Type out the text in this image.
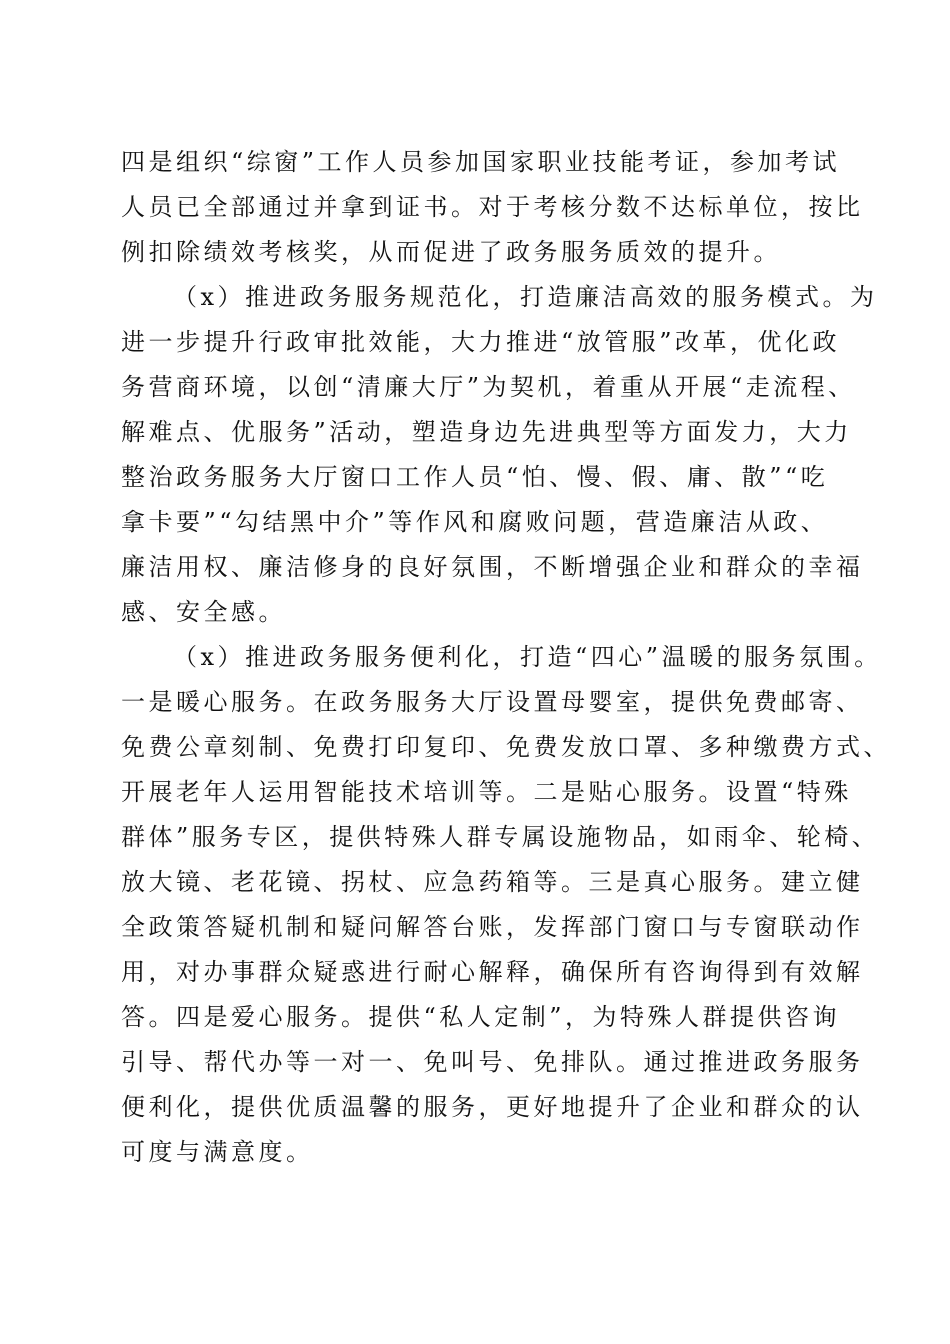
四是组织“综窗”工作人员参加国家职业技能考证，参加考试
人员已全部通过并拿到证书。对于考核分数不达标单位，按比
例扣除绩效考核奖，从而促进了政务服务质效的提升。
（x）推进政务服务规范化，打造廉洁高效的服务模式。为
进一步提升行政审批效能，大力推进“放管服”改革，优化政
务营商环境，以创“清廉大厅”为契机，着重从开展“走流程、
解难点、优服务”活动，塑造身边先进典型等方面发力，大力
整治政务服务大厅窗口工作人员“怕、慢、假、庸、散”“吃
拿卡要”“勾结黑中介”等作风和腐败问题，营造廉洁从政、
廉洁用权、廉洁修身的良好氛围，不断增强企业和群众的幸福
感、安全感。
（x）推进政务服务便利化，打造“四心”温暖的服务氛围。
一是暖心服务。在政务服务大厅设置母婴室，提供免费邮寄、
免费公章刻制、免费打印复印、免费发放口罩、多种缴费方式、
开展老年人运用智能技术培训等。二是贴心服务。设置“特殊
群体”服务专区，提供特殊人群专属设施物品，如雨伞、轮椅、
放大镜、老花镜、拐杖、应急药箱等。三是真心服务。建立健
全政策答疑机制和疑问解答台账，发挥部门窗口与专窗联动作
用，对办事群众疑惑进行耐心解释，确保所有咨询得到有效解
答。四是爱心服务。提供“私人定制”，为特殊人群提供咨询
引导、帮代办等一对一、免叫号、免排队。通过推进政务服务
便利化，提供优质温馨的服务，更好地提升了企业和群众的认
可度与满意度。
